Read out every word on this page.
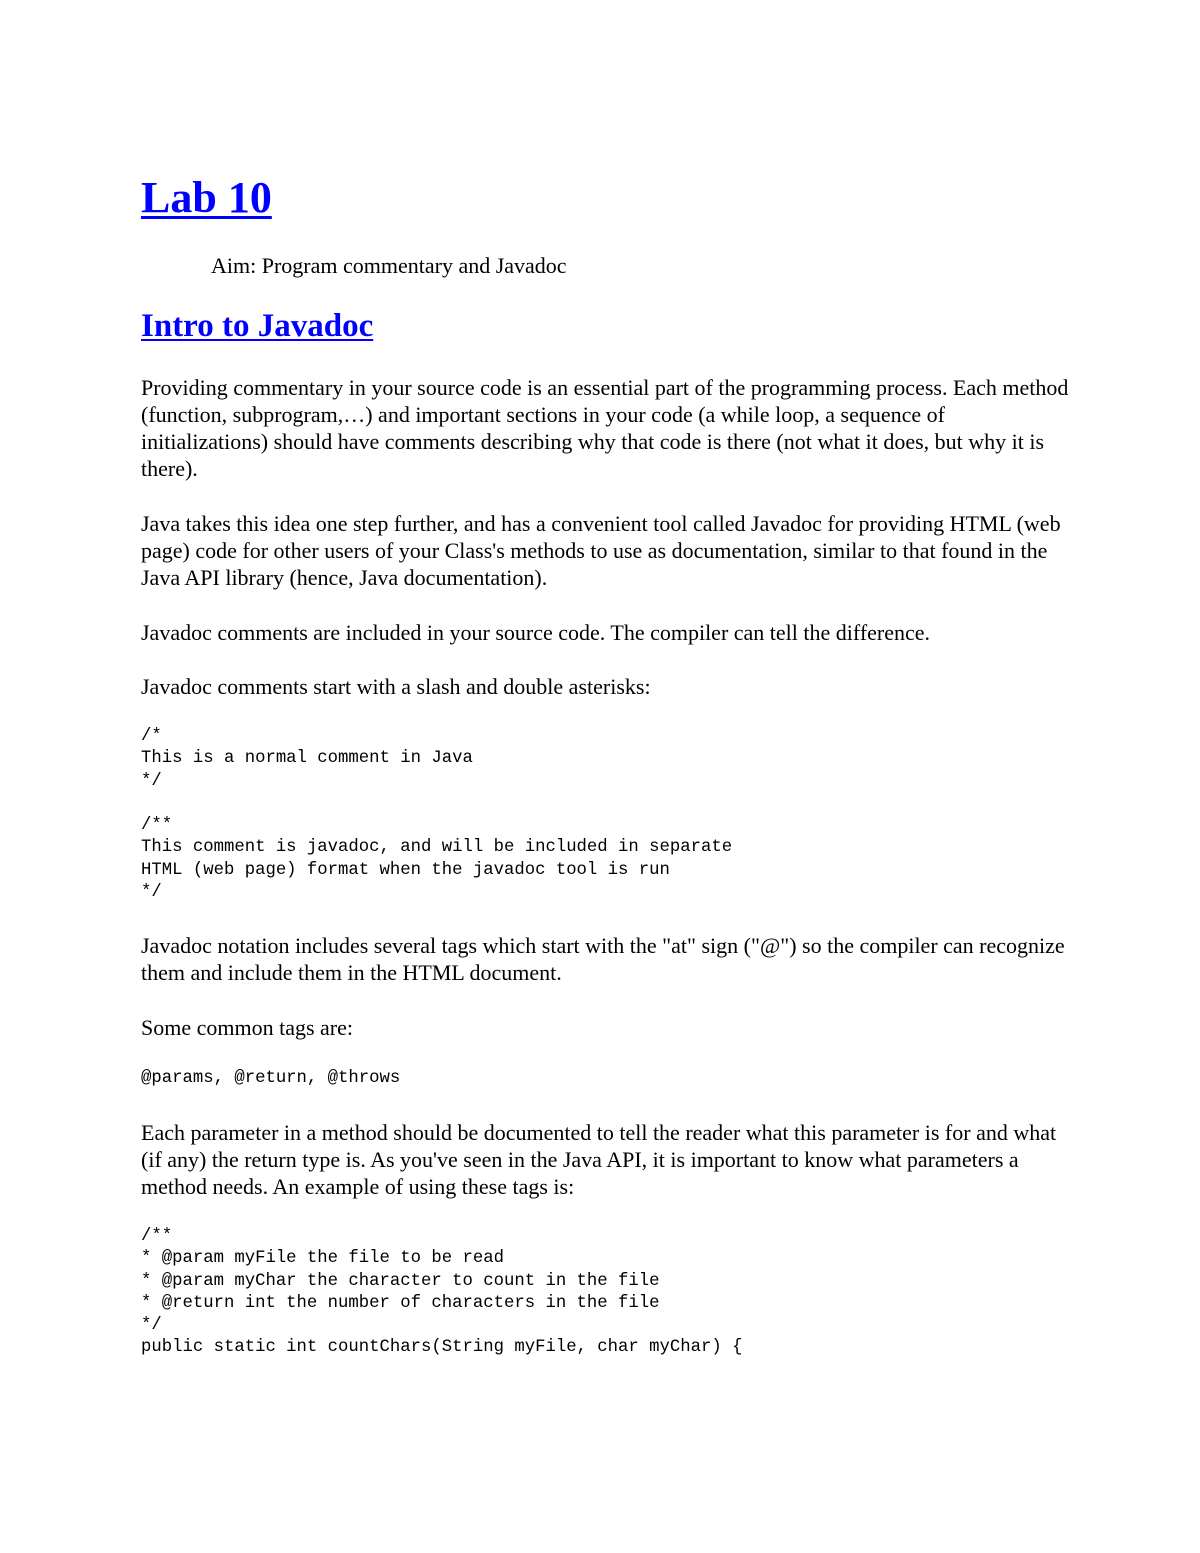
Lab 10
Aim: Program commentary and Javadoc
Intro to Javadoc

Providing commentary in your source code is an essential part of the programming process. Each method (function, subprogram,…) and important sections in your code (a while loop, a sequence of initializations) should have comments describing why that code is there (not what it does, but why it is there).

Java takes this idea one step further, and has a convenient tool called Javadoc for providing HTML (web page) code for other users of your Class's methods to use as documentation, similar to that found in the Java API library (hence, Java documentation).

Javadoc comments are included in your source code. The compiler can tell the difference.

Javadoc comments start with a slash and double asterisks:

/*
This is a normal comment in Java
*/

/**
This comment is javadoc, and will be included in separate
HTML (web page) format when the javadoc tool is run
*/

Javadoc notation includes several tags which start with the "at" sign ("@") so the compiler can recognize them and include them in the HTML document.

Some common tags are:

@params, @return, @throws

Each parameter in a method should be documented to tell the reader what this parameter is for and what (if any) the return type is. As you've seen in the Java API, it is important to know what parameters a method needs. An example of using these tags is:

/**
* @param myFile the file to be read
* @param myChar the character to count in the file
* @return int the number of characters in the file
*/
public static int countChars(String myFile, char myChar) {
